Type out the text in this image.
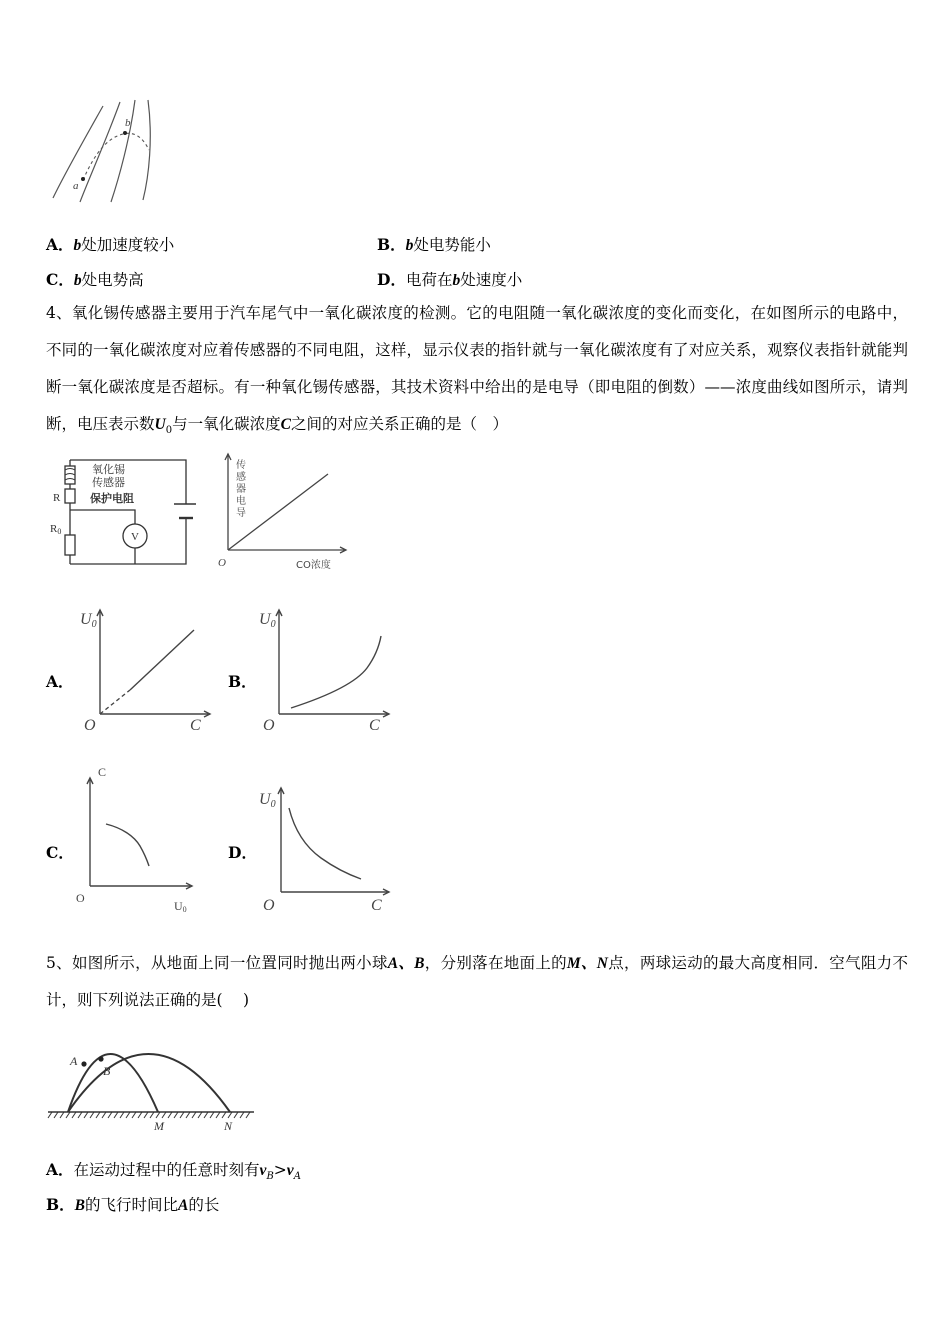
a
b
A．b处加速度较小	B．b处电势能小
C．b处电势高	D．电荷在b处速度小
4、氧化锡传感器主要用于汽车尾气中一氧化碳浓度的检测。它的电阻随一氧化碳浓度的变化而变化，在如图所示的电路中，不同的一氧化碳浓度对应着传感器的不同电阻，这样，显示仪表的指针就与一氧化碳浓度有了对应关系，观察仪表指针就能判断一氧化碳浓度是否超标。有一种氧化锡传感器，其技术资料中给出的是电导（即电阻的倒数）——浓度曲线如图所示，请判断，电压表示数$U_0$与一氧化碳浓度C之间的对应关系正确的是（　）
氧化锡
传感器
R	保护电阻
R0	V
传
感
器
电
导
O	CO浓度
A．
U0
O	C
B．
U0
O	C
C．
C
O
U0
D．
U0
O	C
5、如图所示，从地面上同一位置同时抛出两小球A、B，分别落在地面上的M、N点，两球运动的最大高度相同．空气阻力不计，则下列说法正确的是(　 )
A
B
M	N
A．在运动过程中的任意时刻有$v_B>v_A$
B．B的飞行时间比A的长
